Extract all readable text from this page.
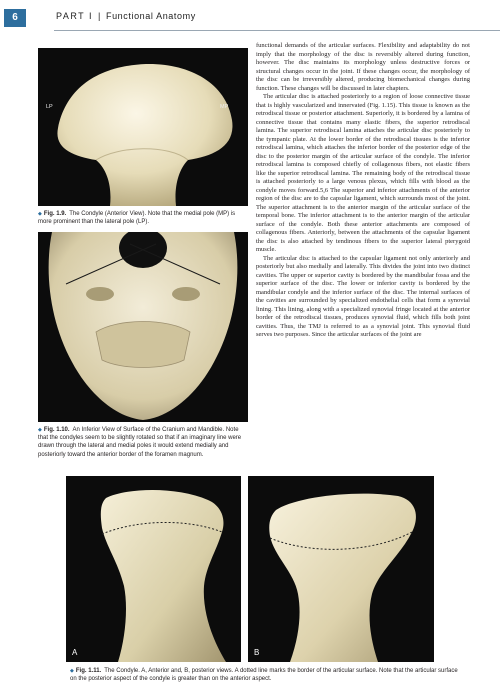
6	PART I | Functional Anatomy
LP	MP
◆ Fig. 1.9. The Condyle (Anterior View). Note that the medial pole (MP) is more prominent than the lateral pole (LP).
◆ Fig. 1.10. An Inferior View of Surface of the Cranium and Mandible. Note that the condyles seem to be slightly rotated so that if an imaginary line were drawn through the lateral and medial poles it would extend medially and posteriorly toward the anterior border of the foramen magnum.

functional demands of the articular surfaces. Flexibility and adaptability do not imply that the morphology of the disc is reversibly altered during function, however. The disc maintains its morphology unless destructive forces or structural changes occur in the joint. If these changes occur, the morphology of the disc can be irreversibly altered, producing biomechanical changes during function. These changes will be discussed in later chapters.

The articular disc is attached posteriorly to a region of loose connective tissue that is highly vascularized and innervated (Fig. 1.15). This tissue is known as the retrodiscal tissue or posterior attachment. Superiorly, it is bordered by a lamina of connective tissue that contains many elastic fibers, the superior retrodiscal lamina. The superior retrodiscal lamina attaches the articular disc posteriorly to the tympanic plate. At the lower border of the retrodiscal tissues is the inferior retrodiscal lamina, which attaches the inferior border of the posterior edge of the disc to the posterior margin of the articular surface of the condyle. The inferior retrodiscal lamina is composed chiefly of collagenous fibers, not elastic fibers like the superior retrodiscal lamina. The remaining body of the retrodiscal tissue is attached posteriorly to a large venous plexus, which fills with blood as the condyle moves forward.5,6 The superior and inferior attachments of the anterior region of the disc are to the capsular ligament, which surrounds most of the joint. The superior attachment is to the anterior margin of the articular surface of the temporal bone. The inferior attachment is to the anterior margin of the articular surface of the condyle. Both these anterior attachments are composed of collagenous fibers. Anteriorly, between the attachments of the capsular ligament the disc is also attached by tendinous fibers to the superior lateral pterygoid muscle.

The articular disc is attached to the capsular ligament not only anteriorly and posteriorly but also medially and laterally. This divides the joint into two distinct cavities. The upper or superior cavity is bordered by the mandibular fossa and the superior surface of the disc. The lower or inferior cavity is bordered by the mandibular condyle and the inferior surface of the disc. The internal surfaces of the cavities are surrounded by specialized endothelial cells that form a synovial lining. This lining, along with a specialized synovial fringe located at the anterior border of the retrodiscal tissues, produces synovial fluid, which fills both joint cavities. Thus, the TMJ is referred to as a synovial joint. This synovial fluid serves two purposes. Since the articular surfaces of the joint are

A	B
◆ Fig. 1.11. The Condyle. A, Anterior and, B, posterior views. A dotted line marks the border of the articular surface. Note that the articular surface on the posterior aspect of the condyle is greater than on the anterior aspect.
